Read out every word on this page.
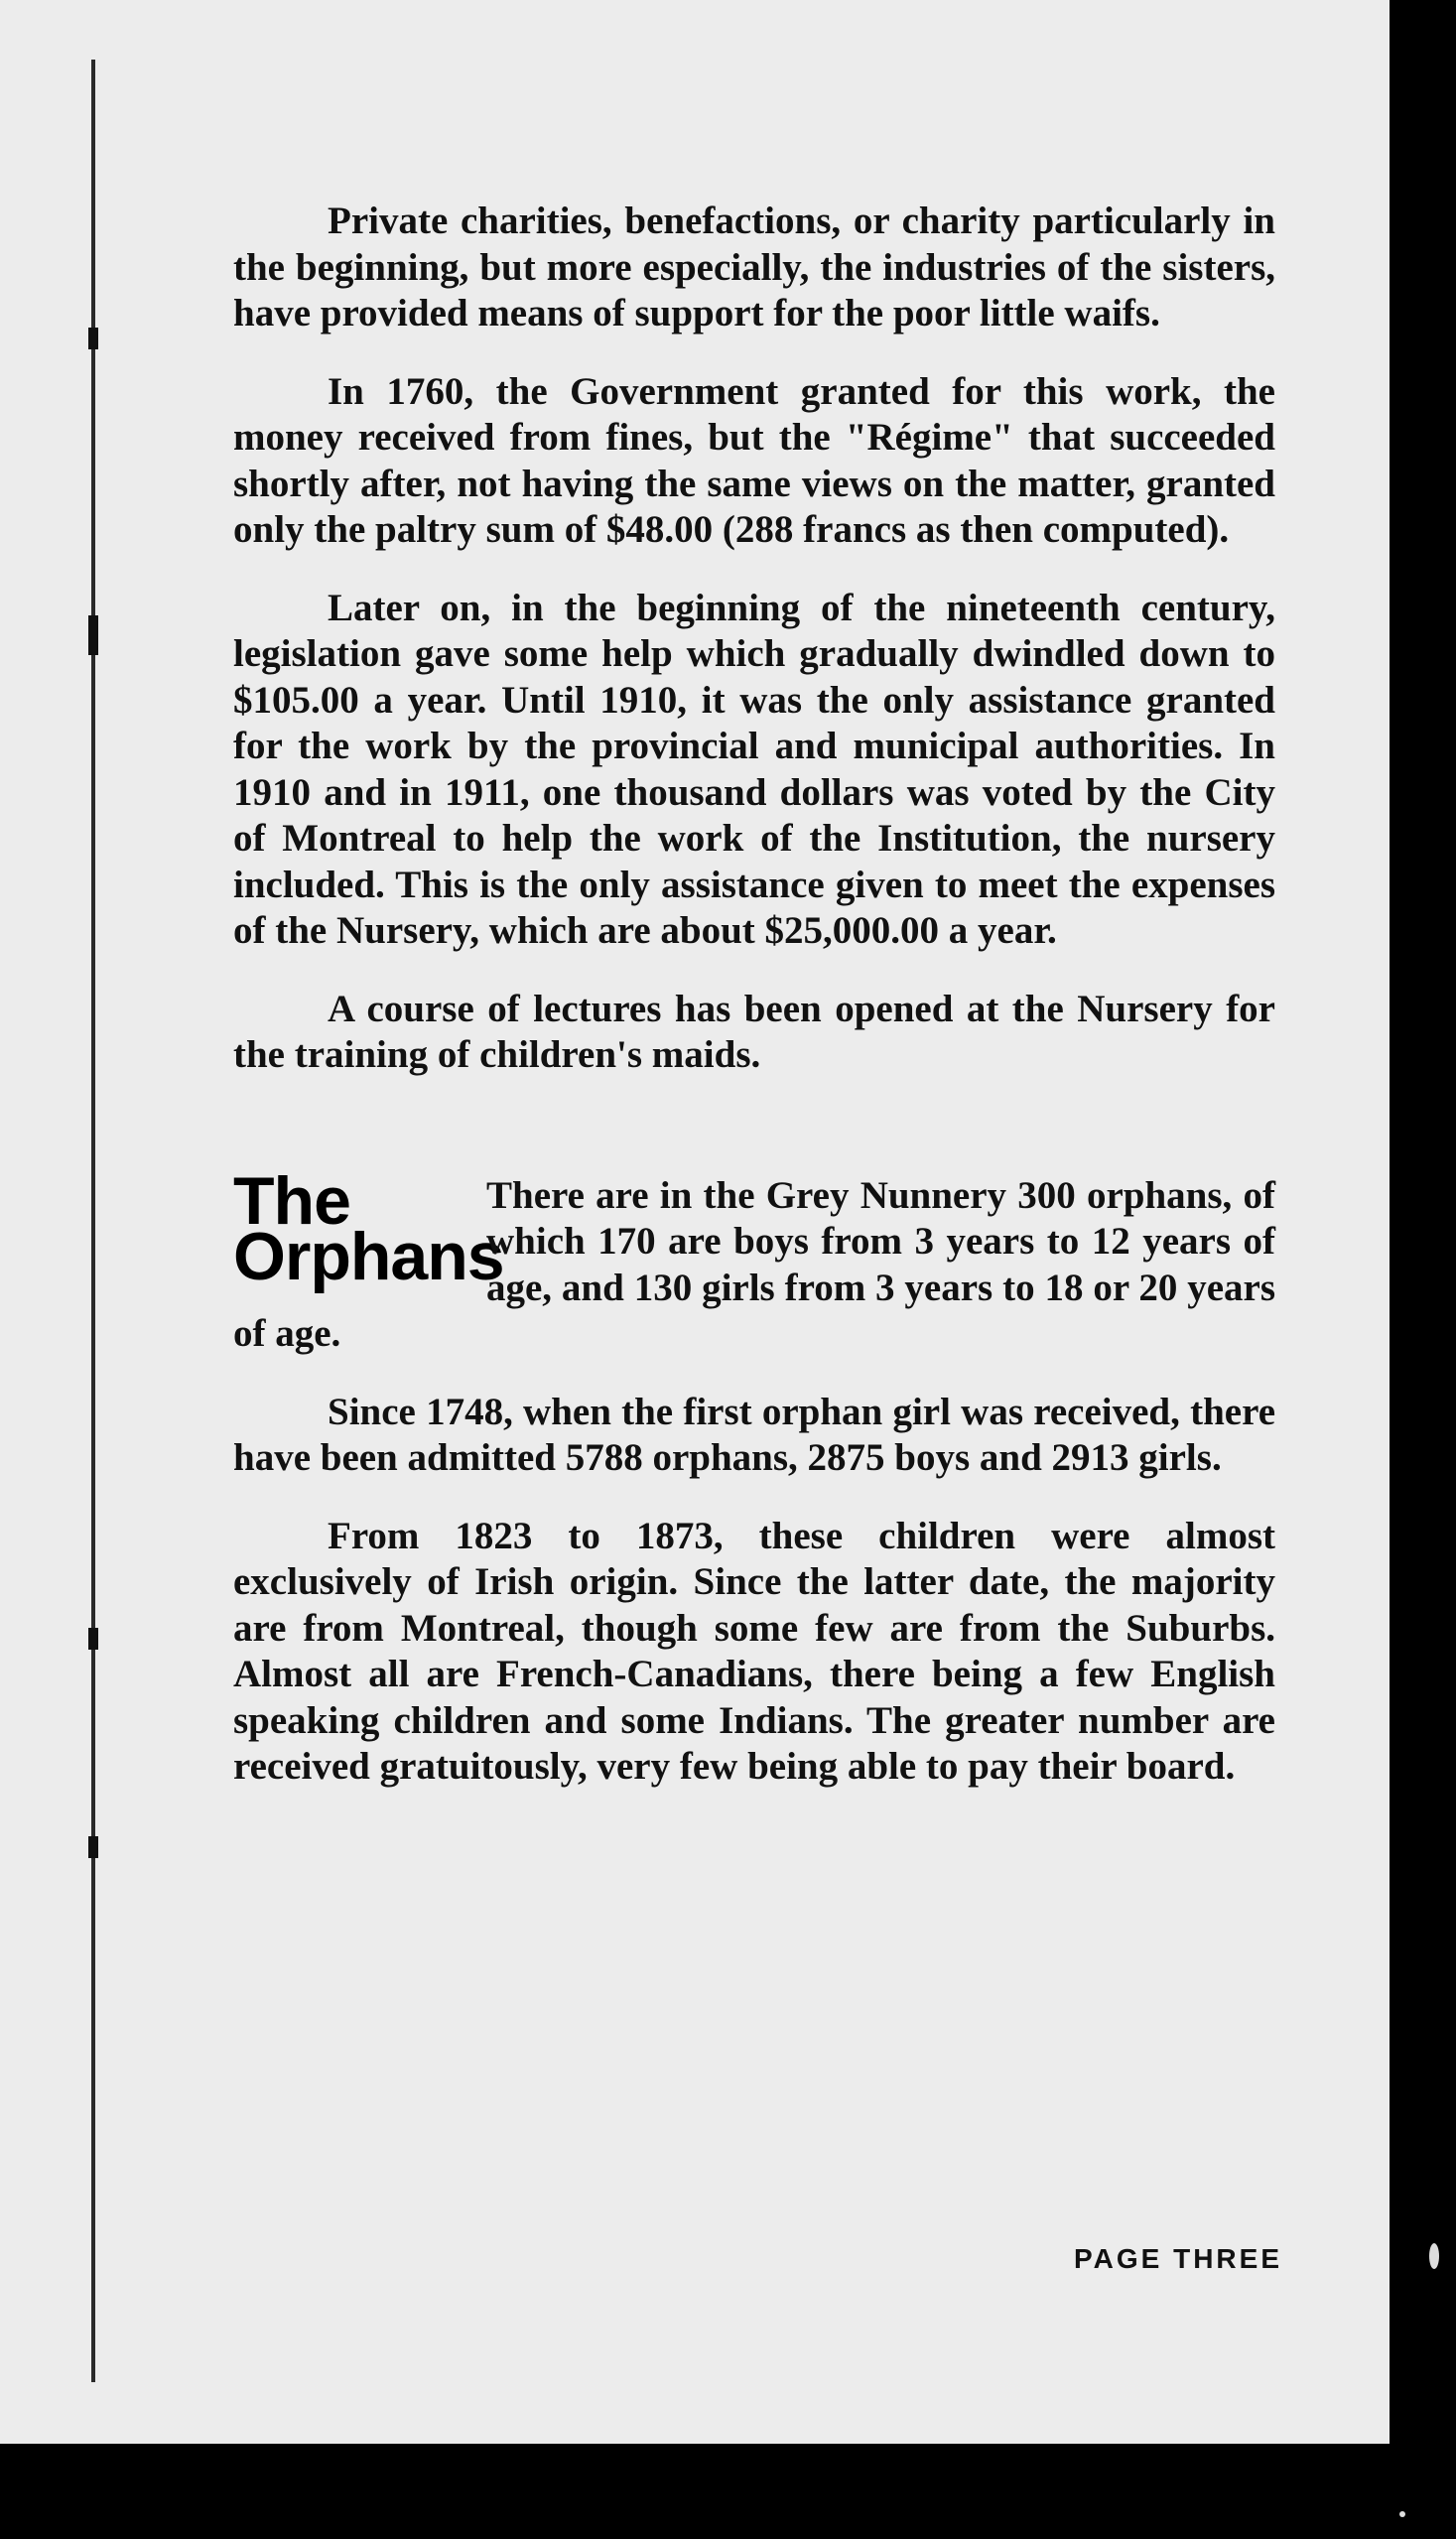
Private charities, benefactions, or charity particularly in the beginning, but more especially, the industries of the sisters, have provided means of support for the poor little waifs.

In 1760, the Government granted for this work, the money received from fines, but the "Régime" that succeeded shortly after, not having the same views on the matter, granted only the paltry sum of $48.00 (288 francs as then computed).

Later on, in the beginning of the nineteenth century, legislation gave some help which gradually dwindled down to $105.00 a year. Until 1910, it was the only assistance granted for the work by the provincial and municipal authorities. In 1910 and in 1911, one thousand dollars was voted by the City of Montreal to help the work of the Institution, the nursery included. This is the only assistance given to meet the expenses of the Nursery, which are about $25,000.00 a year.

A course of lectures has been opened at the Nursery for the training of children's maids.

The
Orphans

There are in the Grey Nunnery 300 orphans, of which 170 are boys from 3 years to 12 years of age, and 130 girls from 3 years to 18 or 20 years of age.

Since 1748, when the first orphan girl was received, there have been admitted 5788 orphans, 2875 boys and 2913 girls.

From 1823 to 1873, these children were almost exclusively of Irish origin. Since the latter date, the majority are from Montreal, though some few are from the Suburbs. Almost all are French-Canadians, there being a few English speaking children and some Indians. The greater number are received gratuitously, very few being able to pay their board.

PAGE THREE
